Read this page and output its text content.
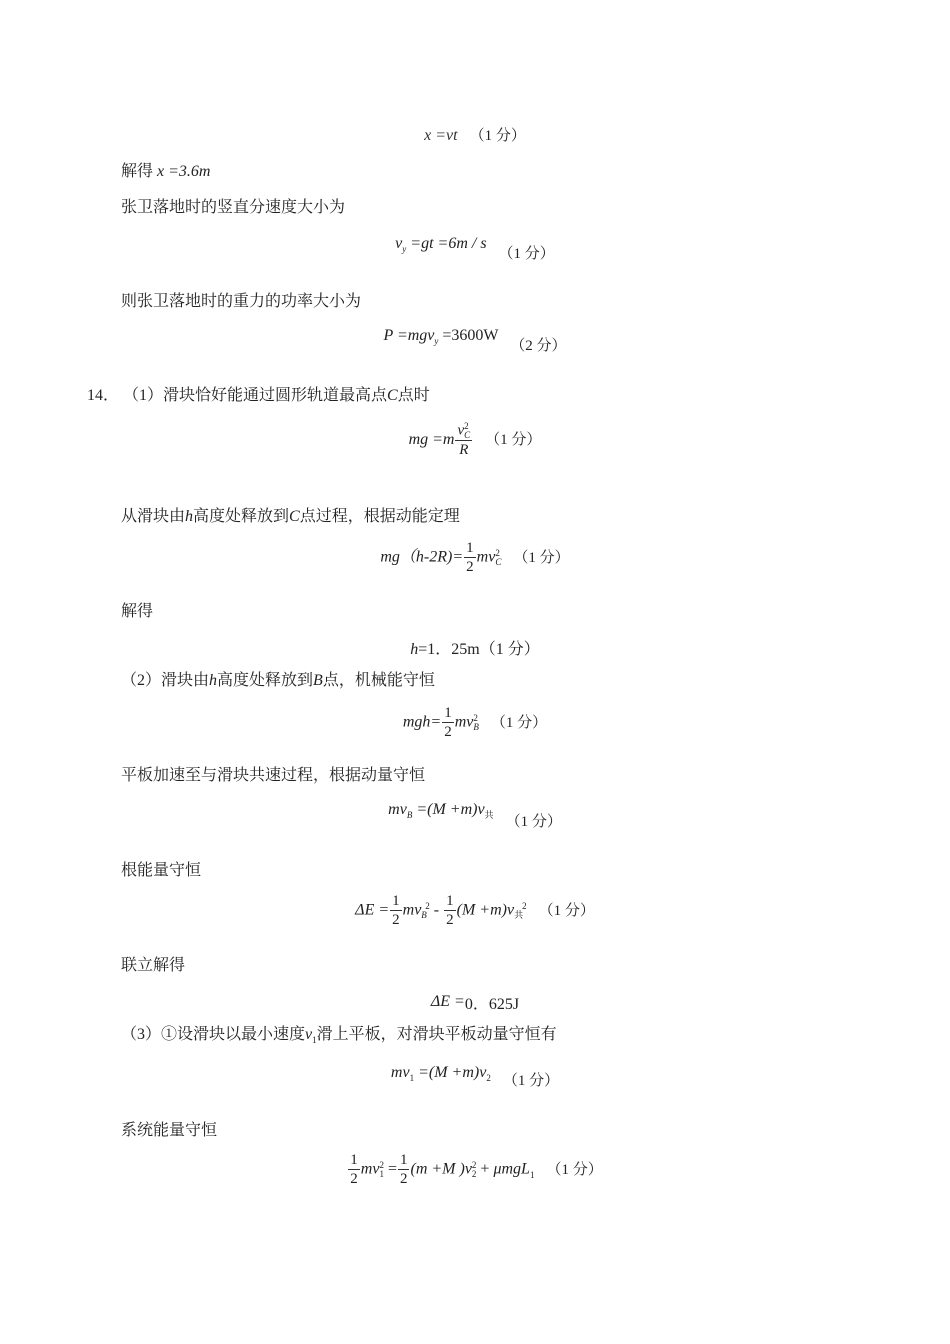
x =vt （1 分）
解得 x =3.6m
张卫落地时的竖直分速度大小为
$v_y =gt =6m / s$ （1 分）
则张卫落地时的重力的功率大小为
P =mgv$_y$ =3600W （2 分）
14． （1）滑块恰好能通过圆形轨道最高点C点时
mg =m v 2
C
R （1 分）
从滑块由h高度处释放到C点过程，根据动能定理
$mg(h-2R)= \frac{1}{2}$ mv 2
C （1 分）
解得
h=1．25m（1 分）
（2）滑块由h高度处释放到B点，机械能守恒
$mgh= \frac{1}{2}$ mv 2
B （1 分）
平板加速至与滑块共速过程，根据动量守恒
$mv_B =(M +m)v_共$ （1 分）
根能量守恒
$\Delta E = \frac{1}{2}$ mv 2
$B - \frac{1}{2} (M +m)v$ 2
共 （1 分）
联立解得
ΔE =0．625J
（3）①设滑块以最小速度$v_1$滑上平板，对滑块平板动量守恒有
$mv_1 =(M +m)v_2$ （1 分）
系统能量守恒
$\frac{1}{2}$ mv 2
$1 = \frac{1}{2} (m +M$ )v 2
2 + μmgL$_1$ （1 分）
